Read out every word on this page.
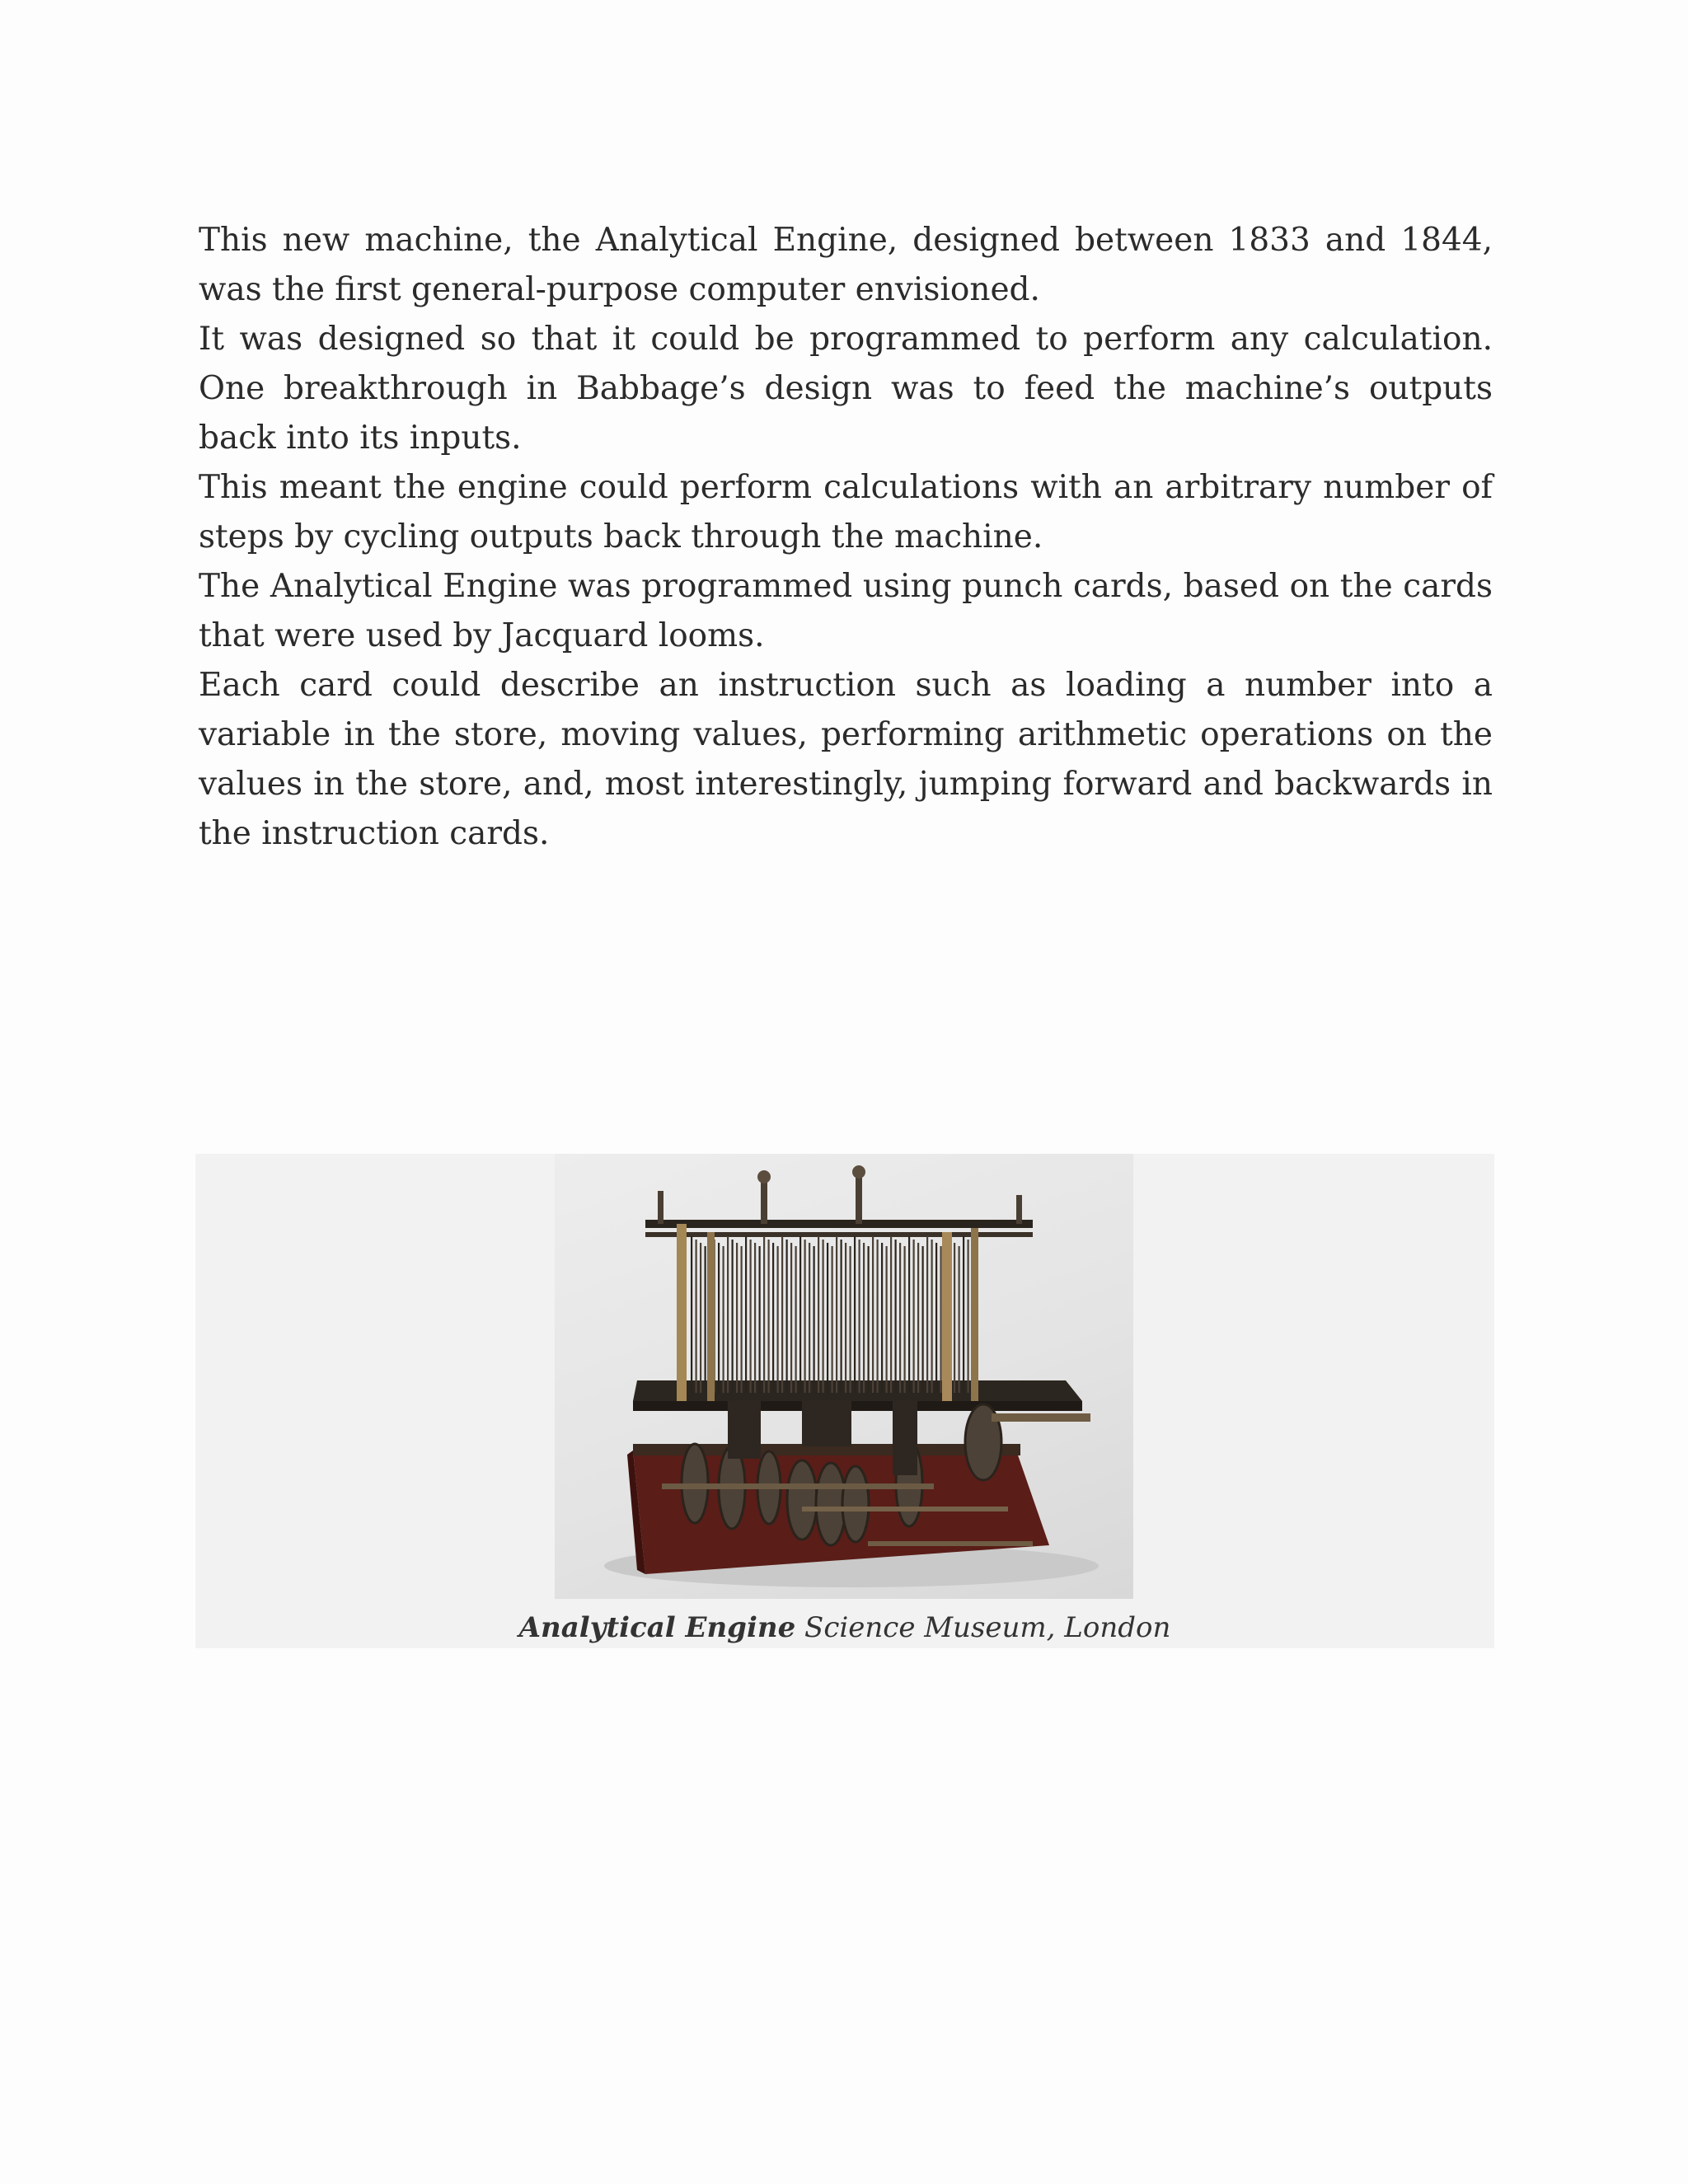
This new machine, the Analytical Engine, designed between 1833 and 1844, was the first general-purpose computer envisioned.

It was designed so that it could be programmed to perform any calculation. One breakthrough in Babbage’s design was to feed the machine’s outputs back into its inputs.

This meant the engine could perform calculations with an arbitrary number of steps by cycling outputs back through the machine.

The Analytical Engine was programmed using punch cards, based on the cards that were used by Jacquard looms.

Each card could describe an instruction such as loading a number into a variable in the store, moving values, performing arithmetic operations on the values in the store, and, most interestingly, jumping forward and backwards in the instruction cards.

Analytical Engine Science Museum, London
